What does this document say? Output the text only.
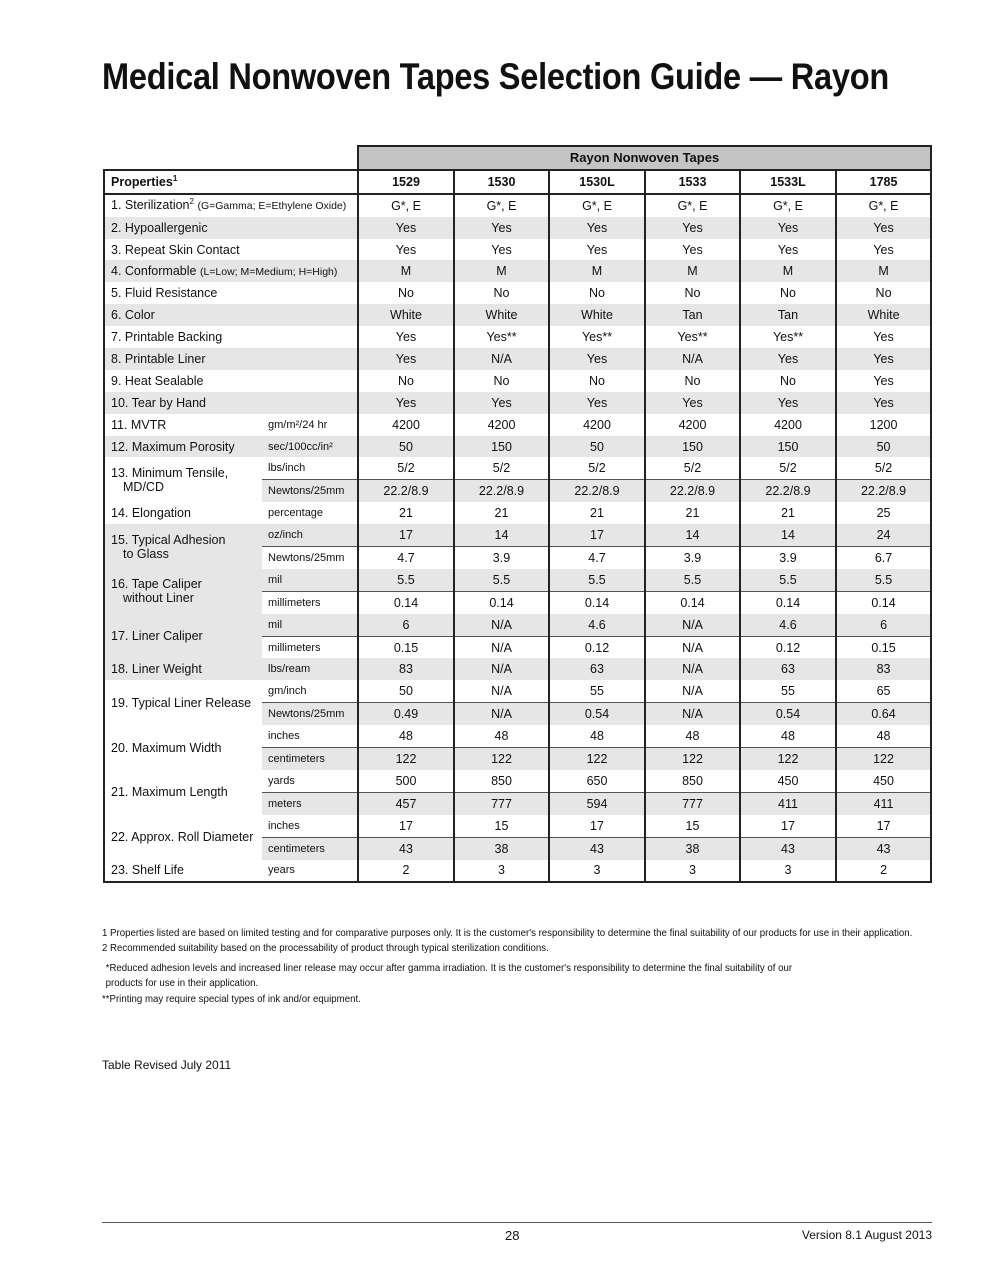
Medical Nonwoven Tapes Selection Guide — Rayon
		Rayon Nonwoven Tapes					
Properties$^1$		1529	1530	1530L	1533	1533L	1785
1. Sterilization$^2$ (G=Gamma; E=Ethylene Oxide)		G*, E	G*, E	G*, E	G*, E	G*, E	G*, E
2. Hypoallergenic		Yes	Yes	Yes	Yes	Yes	Yes
3. Repeat Skin Contact		Yes	Yes	Yes	Yes	Yes	Yes
4. Conformable (L=Low; M=Medium; H=High)		M	M	M	M	M	M
5. Fluid Resistance		No	No	No	No	No	No
6. Color		White	White	White	Tan	Tan	White
7. Printable Backing		Yes	Yes**	Yes**	Yes**	Yes**	Yes
8. Printable Liner		Yes	N/A	Yes	N/A	Yes	Yes
9. Heat Sealable		No	No	No	No	No	Yes
10. Tear by Hand		Yes	Yes	Yes	Yes	Yes	Yes
11. MVTR	gm/m²/24 hr	4200	4200	4200	4200	4200	1200
12. Maximum Porosity	sec/100cc/in²	50	150	50	150	150	50
13. Minimum Tensile,
MD/CD	lbs/inch	5/2	5/2	5/2	5/2	5/2	5/2
	Newtons/25mm	22.2/8.9	22.2/8.9	22.2/8.9	22.2/8.9	22.2/8.9	22.2/8.9
14. Elongation	percentage	21	21	21	21	21	25
15. Typical Adhesion
to Glass	oz/inch	17	14	17	14	14	24
	Newtons/25mm	4.7	3.9	4.7	3.9	3.9	6.7
16. Tape Caliper
without Liner	mil	5.5	5.5	5.5	5.5	5.5	5.5
	millimeters	0.14	0.14	0.14	0.14	0.14	0.14
17. Liner Caliper	mil	6	N/A	4.6	N/A	4.6	6
	millimeters	0.15	N/A	0.12	N/A	0.12	0.15
18. Liner Weight	lbs/ream	83	N/A	63	N/A	63	83
19. Typical Liner Release	gm/inch	50	N/A	55	N/A	55	65
	Newtons/25mm	0.49	N/A	0.54	N/A	0.54	0.64
20. Maximum Width	inches	48	48	48	48	48	48
	centimeters	122	122	122	122	122	122
21. Maximum Length	yards	500	850	650	850	450	450
	meters	457	777	594	777	411	411
22. Approx. Roll Diameter	inches	17	15	17	15	17	17
	centimeters	43	38	43	38	43	43
23. Shelf Life	years	2	3	3	3	3	2
1 Properties listed are based on limited testing and for comparative purposes only. It is the customer's responsibility to determine the final suitability of our products for use in their application.
2 Recommended suitability based on the processability of product through typical sterilization conditions.
*Reduced adhesion levels and increased liner release may occur after gamma irradiation. It is the customer's responsibility to determine the final suitability of our
products for use in their application.
**Printing may require special types of ink and/or equipment.
Table Revised July 2011
28	Version 8.1 August 2013
